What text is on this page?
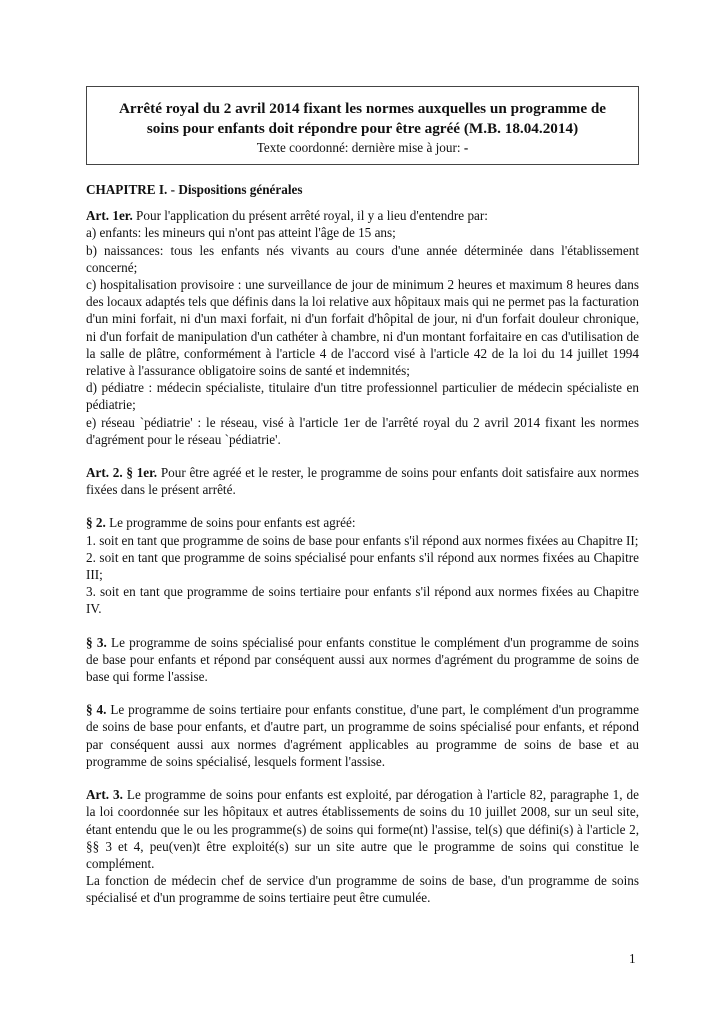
Arrêté royal du 2 avril 2014 fixant les normes auxquelles un programme de
soins pour enfants doit répondre pour être agréé (M.B. 18.04.2014)
Texte coordonné: dernière mise à jour: -
CHAPITRE I. - Dispositions générales

Art. 1er. Pour l'application du présent arrêté royal, il y a lieu d'entendre par:

a) enfants: les mineurs qui n'ont pas atteint l'âge de 15 ans;

b) naissances: tous les enfants nés vivants au cours d'une année déterminée dans l'établissement concerné;

c) hospitalisation provisoire : une surveillance de jour de minimum 2 heures et maximum 8 heures dans des locaux adaptés tels que définis dans la loi relative aux hôpitaux mais qui ne permet pas la facturation d'un mini forfait, ni d'un maxi forfait, ni d'un forfait d'hôpital de jour, ni d'un forfait douleur chronique, ni d'un forfait de manipulation d'un cathéter à chambre, ni d'un montant forfaitaire en cas d'utilisation de la salle de plâtre, conformément à l'article 4 de l'accord visé à l'article 42 de la loi du 14 juillet 1994 relative à l'assurance obligatoire soins de santé et indemnités;

d) pédiatre : médecin spécialiste, titulaire d'un titre professionnel particulier de médecin spécialiste en pédiatrie;

e) réseau `pédiatrie' : le réseau, visé à l'article 1er de l'arrêté royal du 2 avril 2014 fixant les normes d'agrément pour le réseau `pédiatrie'.

Art. 2. § 1er. Pour être agréé et le rester, le programme de soins pour enfants doit satisfaire aux normes fixées dans le présent arrêté.

§ 2. Le programme de soins pour enfants est agréé:

1. soit en tant que programme de soins de base pour enfants s'il répond aux normes fixées au Chapitre II;

2. soit en tant que programme de soins spécialisé pour enfants s'il répond aux normes fixées au Chapitre III;

3. soit en tant que programme de soins tertiaire pour enfants s'il répond aux normes fixées au Chapitre IV.

§ 3. Le programme de soins spécialisé pour enfants constitue le complément d'un programme de soins de base pour enfants et répond par conséquent aussi aux normes d'agrément du programme de soins de base qui forme l'assise.

§ 4. Le programme de soins tertiaire pour enfants constitue, d'une part, le complément d'un programme de soins de base pour enfants, et d'autre part, un programme de soins spécialisé pour enfants, et répond par conséquent aussi aux normes d'agrément applicables au programme de soins de base et au programme de soins spécialisé, lesquels forment l'assise.

Art. 3. Le programme de soins pour enfants est exploité, par dérogation à l'article 82, paragraphe 1, de la loi coordonnée sur les hôpitaux et autres établissements de soins du 10 juillet 2008, sur un seul site, étant entendu que le ou les programme(s) de soins qui forme(nt) l'assise, tel(s) que défini(s) à l'article 2, §§ 3 et 4, peu(ven)t être exploité(s) sur un site autre que le programme de soins qui constitue le complément.

La fonction de médecin chef de service d'un programme de soins de base, d'un programme de soins spécialisé et d'un programme de soins tertiaire peut être cumulée.

1
